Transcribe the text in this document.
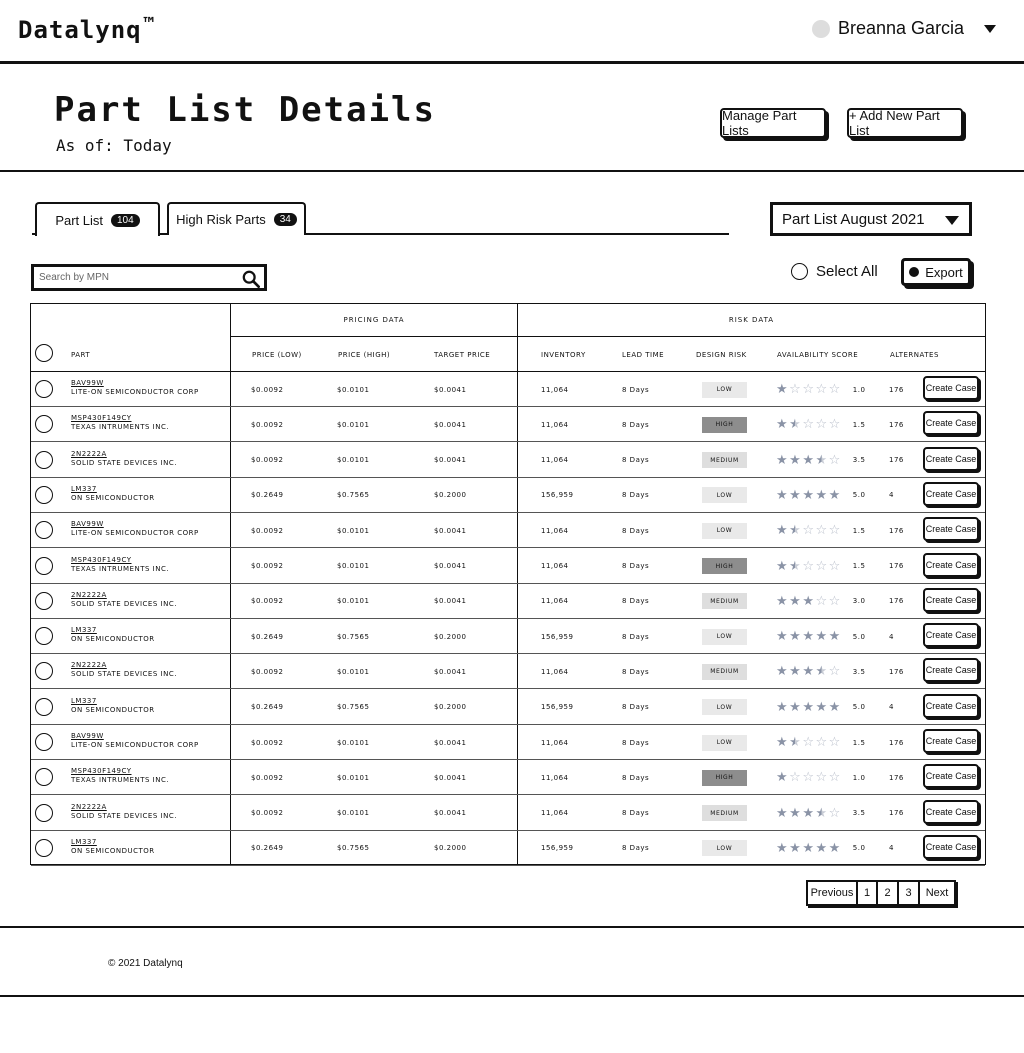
Datalynq ™	Breanna Garcia
Part List Details
As of: Today
Manage Part Lists
+ Add New Part List
Part List	104	High Risk Parts	34	Part List August 2021
Search by MPN
Select All	Export
PRICING DATA	RISK DATA
PART	PRICE (LOW)	PRICE (HIGH)	TARGET PRICE	INVENTORY	LEAD TIME	DESIGN RISK	AVAILABILITY SCORE	ALTERNATES
BAV99W
LITE-ON SEMICONDUCTOR CORP	$0.0092	$0.0101	$0.0041	11,064	8 Days	LOW	★ ☆ ☆ ☆ ☆ 1.0	176	Create Case
MSP430F149CY
TEXAS INTRUMENTS INC.	$0.0092	$0.0101	$0.0041	11,064	8 Days	HIGH	★ ★ ☆ ☆ ☆ 1.5	176	Create Case
2N2222A
SOLID STATE DEVICES INC.	$0.0092	$0.0101	$0.0041	11,064	8 Days	MEDIUM	★ ★ ★ ★ ☆ 3.5	176	Create Case
LM337
ON SEMICONDUCTOR	$0.2649	$0.7565	$0.2000	156,959	8 Days	LOW	★ ★ ★ ★ ★ 5.0	4	Create Case
BAV99W
LITE-ON SEMICONDUCTOR CORP	$0.0092	$0.0101	$0.0041	11,064	8 Days	LOW	★ ★ ☆ ☆ ☆ 1.5	176	Create Case
MSP430F149CY
TEXAS INTRUMENTS INC.	$0.0092	$0.0101	$0.0041	11,064	8 Days	HIGH	★ ★ ☆ ☆ ☆ 1.5	176	Create Case
2N2222A
SOLID STATE DEVICES INC.	$0.0092	$0.0101	$0.0041	11,064	8 Days	MEDIUM	★ ★ ★ ☆ ☆ 3.0	176	Create Case
LM337
ON SEMICONDUCTOR	$0.2649	$0.7565	$0.2000	156,959	8 Days	LOW	★ ★ ★ ★ ★ 5.0	4	Create Case
2N2222A
SOLID STATE DEVICES INC.	$0.0092	$0.0101	$0.0041	11,064	8 Days	MEDIUM	★ ★ ★ ★ ☆ 3.5	176	Create Case
LM337
ON SEMICONDUCTOR	$0.2649	$0.7565	$0.2000	156,959	8 Days	LOW	★ ★ ★ ★ ★ 5.0	4	Create Case
BAV99W
LITE-ON SEMICONDUCTOR CORP	$0.0092	$0.0101	$0.0041	11,064	8 Days	LOW	★ ★ ☆ ☆ ☆ 1.5	176	Create Case
MSP430F149CY
TEXAS INTRUMENTS INC.	$0.0092	$0.0101	$0.0041	11,064	8 Days	HIGH	★ ☆ ☆ ☆ ☆ 1.0	176	Create Case
2N2222A
SOLID STATE DEVICES INC.	$0.0092	$0.0101	$0.0041	11,064	8 Days	MEDIUM	★ ★ ★ ★ ☆ 3.5	176	Create Case
LM337
ON SEMICONDUCTOR	$0.2649	$0.7565	$0.2000	156,959	8 Days	LOW	★ ★ ★ ★ ★ 5.0	4	Create Case
Previous 1	2	3	Next
© 2021 Datalynq
